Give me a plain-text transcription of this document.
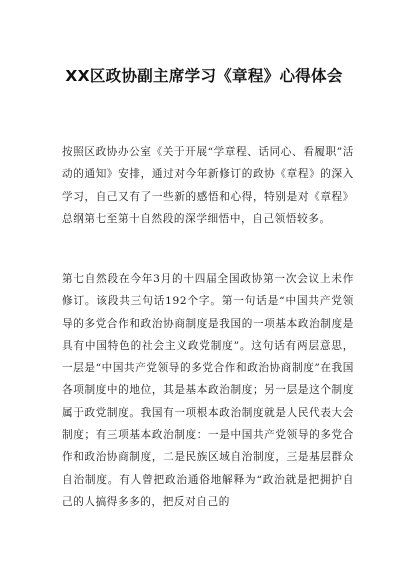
XX区政协副主席学习《章程》心得体会

按照区政协办公室《关于开展“学章程、话同心、看履职”活动的通知》安排，通过对今年新修订的政协《章程》的深入学习，自己又有了一些新的感悟和心得，特别是对《章程》总纲第七至第十自然段的深学细悟中，自己领悟较多。

第七自然段在今年3月的十四届全国政协第一次会议上未作修订。该段共三句话192个字。第一句话是“中国共产党领导的多党合作和政治协商制度是我国的一项基本政治制度是具有中国特色的社会主义政党制度”。这句话有两层意思，一层是“中国共产党领导的多党合作和政治协商制度”在我国各项制度中的地位，其是基本政治制度；另一层是这个制度属于政党制度。我国有一项根本政治制度就是人民代表大会制度；有三项基本政治制度：一是中国共产党领导的多党合作和政治协商制度，二是民族区域自治制度，三是基层群众自治制度。有人曾把政治通俗地解释为“政治就是把拥护自己的人搞得多多的，把反对自己的
